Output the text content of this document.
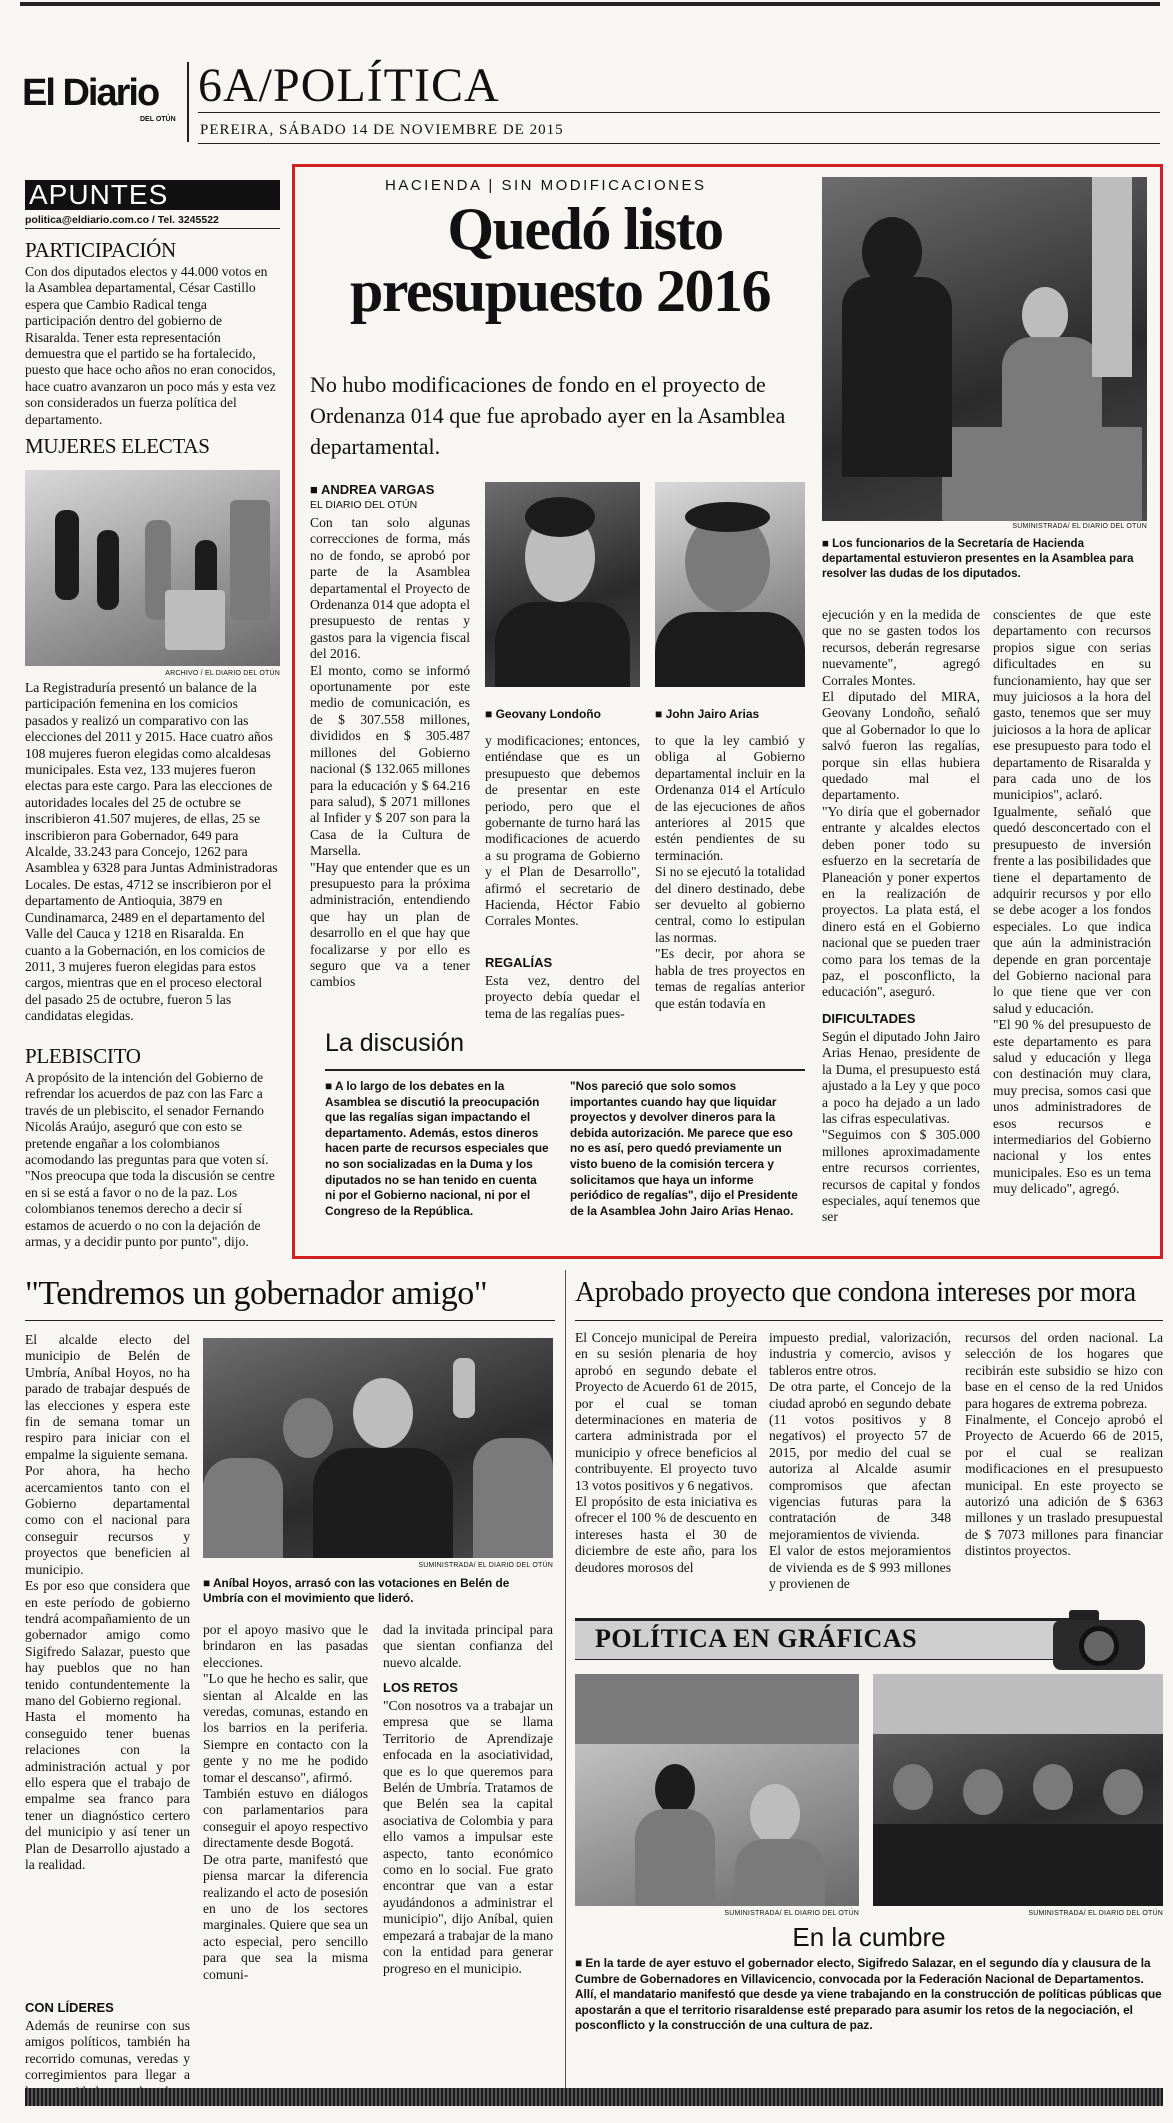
El Diario
DEL OTÚN
6A/POLÍTICA
PEREIRA, SÁBADO 14 DE NOVIEMBRE DE 2015
APUNTES
politica@eldiario.com.co / Tel. 3245522
PARTICIPACIÓN
Con dos diputados electos y 44.000 votos en la Asamblea departamental, César Castillo espera que Cambio Radical tenga participación dentro del gobierno de Risaralda. Tener esta representación demuestra que el partido se ha fortalecido, puesto que hace ocho años no eran conocidos, hace cuatro avanzaron un poco más y esta vez son considerados un fuerza política del departamento.
MUJERES ELECTAS
ARCHIVO / EL DIARIO DEL OTÚN
La Registraduría presentó un balance de la participación femenina en los comicios pasados y realizó un comparativo con las elecciones del 2011 y 2015. Hace cuatro años 108 mujeres fueron elegidas como alcaldesas municipales. Esta vez, 133 mujeres fueron electas para este cargo. Para las elecciones de autoridades locales del 25 de octubre se inscribieron 41.507 mujeres, de ellas, 25 se inscribieron para Gobernador, 649 para Alcalde, 33.243 para Concejo, 1262 para Asamblea y 6328 para Juntas Administradoras Locales. De estas, 4712 se inscribieron por el departamento de Antioquia, 3879 en Cundinamarca, 2489 en el departamento del Valle del Cauca y 1218 en Risaralda. En cuanto a la Gobernación, en los comicios de 2011, 3 mujeres fueron elegidas para estos cargos, mientras que en el proceso electoral del pasado 25 de octubre, fueron 5 las candidatas elegidas.
PLEBISCITO
A propósito de la intención del Gobierno de refrendar los acuerdos de paz con las Farc a través de un plebiscito, el senador Fernando Nicolás Araújo, aseguró que con esto se pretende engañar a los colombianos acomodando las preguntas para que voten sí. "Nos preocupa que toda la discusión se centre en si se está a favor o no de la paz. Los colombianos tenemos derecho a decir sí estamos de acuerdo o no con la dejación de armas, y a decidir punto por punto", dijo.
HACIENDA | SIN MODIFICACIONES
Quedó listo
presupuesto 2016
No hubo modificaciones de fondo en el proyecto de Ordenanza 014 que fue aprobado ayer en la Asamblea departamental.
SUMINISTRADA/ EL DIARIO DEL OTÚN
■ Los funcionarios de la Secretaría de Hacienda departamental estuvieron presentes en la Asamblea para resolver las dudas de los diputados.
■ ANDREA VARGAS
EL DIARIO DEL OTÚN
■ Geovany Londoño	■ John Jairo Arias
Con tan solo algunas correcciones de forma, más no de fondo, se aprobó por parte de la Asamblea departamental el Proyecto de Ordenanza 014 que adopta el presupuesto de rentas y gastos para la vigencia fiscal del 2016.
El monto, como se informó oportunamente por este medio de comunicación, es de $ 307.558 millones, divididos en $ 305.487 millones del Gobierno nacional ($ 132.065 millones para la educación y $ 64.216 para salud), $ 2071 millones al Infider y $ 207 son para la Casa de la Cultura de Marsella.
"Hay que entender que es un presupuesto para la próxima administración, entendiendo que hay un plan de desarrollo en el que hay que focalizarse y por ello es seguro que va a tener cambios
y modificaciones; entonces, entiéndase que es un presupuesto que debemos de presentar en este periodo, pero que el gobernante de turno hará las modificaciones de acuerdo a su programa de Gobierno y el Plan de Desarrollo", afirmó el secretario de Hacienda, Héctor Fabio Corrales Montes.
REGALÍAS
Esta vez, dentro del proyecto debía quedar el tema de las regalías pues-
to que la ley cambió y obliga al Gobierno departamental incluir en la Ordenanza 014 el Artículo de las ejecuciones de años anteriores al 2015 que estén pendientes de su terminación.
Si no se ejecutó la totalidad del dinero destinado, debe ser devuelto al gobierno central, como lo estipulan las normas.
"Es decir, por ahora se habla de tres proyectos en temas de regalías anterior que están todavía en
ejecución y en la medida de que no se gasten todos los recursos, deberán regresarse nuevamente", agregó Corrales Montes.
El diputado del MIRA, Geovany Londoño, señaló que al Gobernador lo que lo salvó fueron las regalías, porque sin ellas hubiera quedado mal el departamento.
"Yo diría que el gobernador entrante y alcaldes electos deben poner todo su esfuerzo en la secretaría de Planeación y poner expertos en la realización de proyectos. La plata está, el dinero está en el Gobierno nacional que se pueden traer como para los temas de la paz, el posconflicto, la educación", aseguró.
DIFICULTADES
Según el diputado John Jairo Arias Henao, presidente de la Duma, el presupuesto está ajustado a la Ley y que poco a poco ha dejado a un lado las cifras especulativas.
"Seguimos con $ 305.000 millones aproximadamente entre recursos corrientes, recursos de capital y fondos especiales, aquí tenemos que ser
conscientes de que este departamento con recursos propios sigue con serias dificultades en su funcionamiento, hay que ser muy juiciosos a la hora del gasto, tenemos que ser muy juiciosos a la hora de aplicar ese presupuesto para todo el departamento de Risaralda y para cada uno de los municipios", aclaró.
Igualmente, señaló que quedó desconcertado con el presupuesto de inversión frente a las posibilidades que tiene el departamento de adquirir recursos y por ello se debe acoger a los fondos especiales. Lo que indica que aún la administración depende en gran porcentaje del Gobierno nacional para lo que tiene que ver con salud y educación.
"El 90 % del presupuesto de este departamento es para salud y educación y llega con destinación muy clara, muy precisa, somos casi que unos administradores de esos recursos e intermediarios del Gobierno nacional y los entes municipales. Eso es un tema muy delicado", agregó.
La discusión
■ A lo largo de los debates en la Asamblea se discutió la preocupación que las regalías sigan impactando el departamento. Además, estos dineros hacen parte de recursos especiales que no son socializadas en la Duma y los diputados no se han tenido en cuenta ni por el Gobierno nacional, ni por el Congreso de la República.
"Nos pareció que solo somos importantes cuando hay que liquidar proyectos y devolver dineros para la debida autorización. Me parece que eso no es así, pero quedó previamente un visto bueno de la comisión tercera y solicitamos que haya un informe periódico de regalías", dijo el Presidente de la Asamblea John Jairo Arias Henao.
"Tendremos un gobernador amigo"
El alcalde electo del municipio de Belén de Umbría, Aníbal Hoyos, no ha parado de trabajar después de las elecciones y espera este fin de semana tomar un respiro para iniciar con el empalme la siguiente semana.
Por ahora, ha hecho acercamientos tanto con el Gobierno departamental como con el nacional para conseguir recursos y proyectos que beneficien al municipio.
Es por eso que considera que en este período de gobierno tendrá acompañamiento de un gobernador amigo como Sigifredo Salazar, puesto que hay pueblos que no han tenido contundentemente la mano del Gobierno regional.
Hasta el momento ha conseguido tener buenas relaciones con la administración actual y por ello espera que el trabajo de empalme sea franco para tener un diagnóstico certero del municipio y así tener un Plan de Desarrollo ajustado a la realidad.
CON LÍDERES
Además de reunirse con sus amigos políticos, también ha recorrido comunas, veredas y corregimientos para llegar a
SUMINISTRADA/ EL DIARIO DEL OTÚN
■ Aníbal Hoyos, arrasó con las votaciones en Belén de Umbría con el movimiento que lideró.
por el apoyo masivo que le brindaron en las pasadas elecciones.
"Lo que he hecho es salir, que sientan al Alcalde en las veredas, comunas, estando en los barrios en la periferia. Siempre en contacto con la gente y no me he podido tomar el descanso", afirmó.
También estuvo en diálogos con parlamentarios para conseguir el apoyo respectivo directamente desde Bogotá.
De otra parte, manifestó que piensa marcar la diferencia realizando el acto de posesión en uno de los sectores marginales. Quiere que sea un acto especial, pero sencillo para que sea la misma comuni-
dad la invitada principal para que sientan confianza del nuevo alcalde.
LOS RETOS
"Con nosotros va a trabajar un empresa que se llama Territorio de Aprendizaje enfocada en la asociatividad, que es lo que queremos para Belén de Umbría. Tratamos de que Belén sea la capital asociativa de Colombia y para ello vamos a impulsar este aspecto, tanto económico como en lo social. Fue grato encontrar que van a estar ayudándonos a administrar el municipio", dijo Aníbal, quien empezará a trabajar de la mano con la entidad para generar progreso en el municipio.
Aprobado proyecto que condona intereses por mora
El Concejo municipal de Pereira en su sesión plenaria de hoy aprobó en segundo debate el Proyecto de Acuerdo 61 de 2015, por el cual se toman determinaciones en materia de cartera administrada por el municipio y ofrece beneficios al contribuyente. El proyecto tuvo 13 votos positivos y 6 negativos.
El propósito de esta iniciativa es ofrecer el 100 % de descuento en intereses hasta el 30 de diciembre de este año, para los deudores morosos del
impuesto predial, valorización, industria y comercio, avisos y tableros entre otros.
De otra parte, el Concejo de la ciudad aprobó en segundo debate (11 votos positivos y 8 negativos) el proyecto 57 de 2015, por medio del cual se autoriza al Alcalde asumir compromisos que afectan vigencias futuras para la contratación de 348 mejoramientos de vivienda.
El valor de estos mejoramientos de vivienda es de $ 993 millones y provienen de
recursos del orden nacional. La selección de los hogares que recibirán este subsidio se hizo con base en el censo de la red Unidos para hogares de extrema pobreza.
Finalmente, el Concejo aprobó el Proyecto de Acuerdo 66 de 2015, por el cual se realizan modificaciones en el presupuesto municipal. En este proyecto se autorizó una adición de $ 6363 millones y un traslado presupuestal de $ 7073 millones para financiar distintos proyectos.
POLÍTICA EN GRÁFICAS
SUMINISTRADA/ EL DIARIO DEL OTÚN	SUMINISTRADA/ EL DIARIO DEL OTÚN
En la cumbre
■ En la tarde de ayer estuvo el gobernador electo, Sigifredo Salazar, en el segundo día y clausura de la Cumbre de Gobernadores en Villavicencio, convocada por la Federación Nacional de Departamentos. Allí, el mandatario manifestó que desde ya viene trabajando en la construcción de políticas públicas que apostarán a que el territorio risaraldense esté preparado para asumir los retos de la negociación, el posconflicto y la construcción de una cultura de paz.
